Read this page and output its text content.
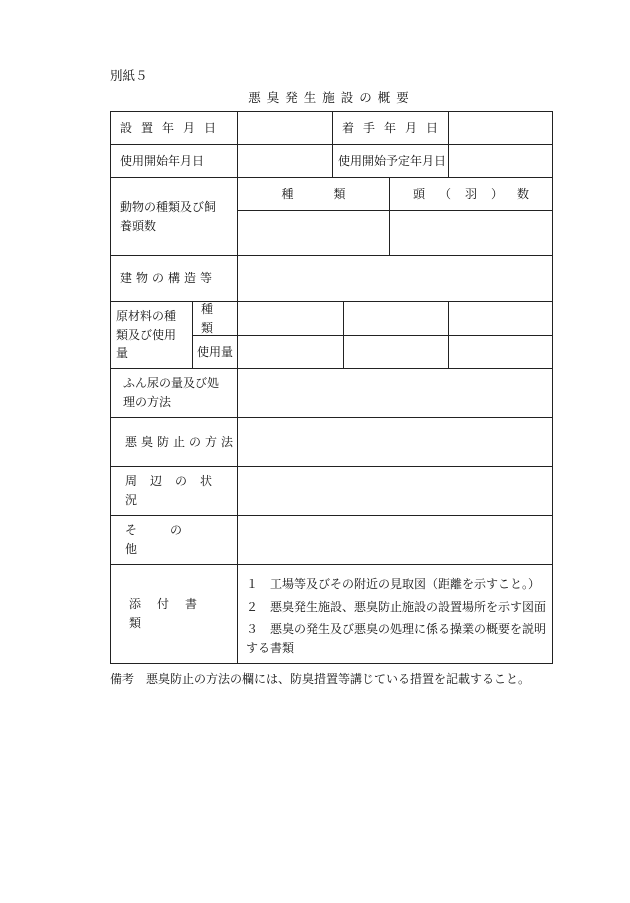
別紙５
悪臭発生施設の概要
設置年月日	着手年月日
使用開始年月日	使用開始予定年月日
動物の種類及び飼養頭数
種類	頭（羽）数
建物の構造等
原材料の種類及び使用量
種類
使用量
ふん尿の量及び処理の方法
悪臭防止の方法
周辺の状況
その他
添付書類
１　工場等及びその附近の見取図（距離を示すこと。）
２　悪臭発生施設、悪臭防止施設の設置場所を示す図面
３　悪臭の発生及び悪臭の処理に係る操業の概要を説明する書類
備考　悪臭防止の方法の欄には、防臭措置等講じている措置を記載すること。
